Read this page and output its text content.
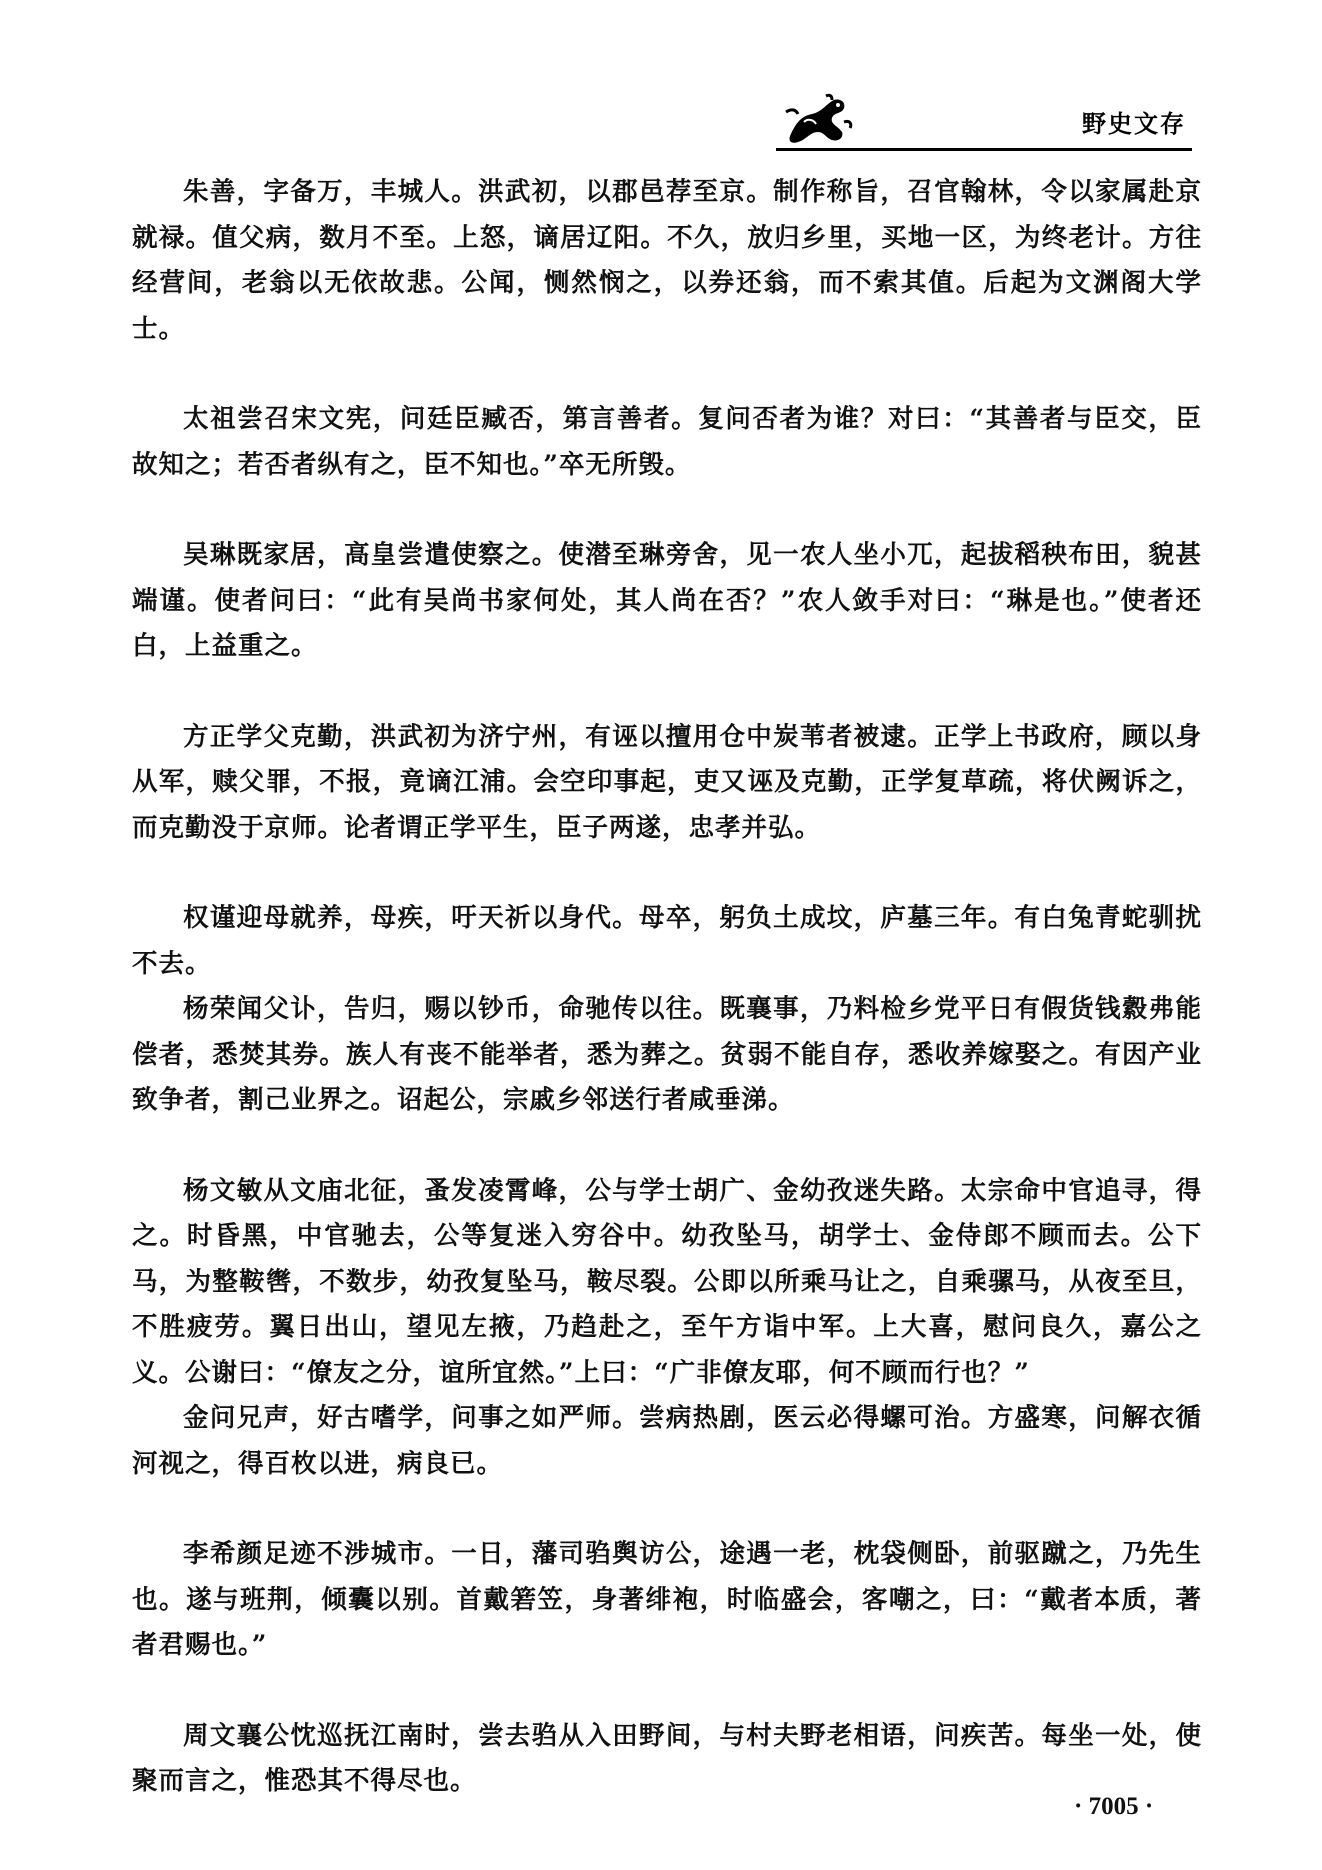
野史文存

朱善，字备万，丰城人。洪武初，以郡邑荐至京。制作称旨，召官翰林，令以家属赴京就禄。值父病，数月不至。上怒，谪居辽阳。不久，放归乡里，买地一区，为终老计。方往经营间，老翁以无依故悲。公闻，恻然悯之，以券还翁，而不索其值。后起为文渊阁大学士。

太祖尝召宋文宪，问廷臣臧否，第言善者。复问否者为谁？对曰：“其善者与臣交，臣故知之；若否者纵有之，臣不知也。”卒无所毁。

吴琳既家居，高皇尝遣使察之。使潜至琳旁舍，见一农人坐小兀，起拔稻秧布田，貌甚端谨。使者问曰：“此有吴尚书家何处，其人尚在否？”农人敛手对曰：“琳是也。”使者还白，上益重之。

方正学父克勤，洪武初为济宁州，有诬以擅用仓中炭苇者被逮。正学上书政府，顾以身从军，赎父罪，不报，竟谪江浦。会空印事起，吏又诬及克勤，正学复草疏，将伏阙诉之，而克勤没于京师。论者谓正学平生，臣子两遂，忠孝并弘。

权谨迎母就养，母疾，吁天祈以身代。母卒，躬负土成坟，庐墓三年。有白兔青蛇驯扰不去。

杨荣闻父讣，告归，赐以钞币，命驰传以往。既襄事，乃料检乡党平日有假货钱縠弗能偿者，悉焚其券。族人有丧不能举者，悉为葬之。贫弱不能自存，悉收养嫁娶之。有因产业致争者，割己业界之。诏起公，宗戚乡邻送行者咸垂涕。

杨文敏从文庙北征，蚤发凌霄峰，公与学士胡广、金幼孜迷失路。太宗命中官追寻，得之。时昏黑，中官驰去，公等复迷入穷谷中。幼孜坠马，胡学士、金侍郎不顾而去。公下马，为整鞍辔，不数步，幼孜复坠马，鞍尽裂。公即以所乘马让之，自乘骡马，从夜至旦，不胜疲劳。翼日出山，望见左掖，乃趋赴之，至午方诣中军。上大喜，慰问良久，嘉公之义。公谢曰：“僚友之分，谊所宜然。”上曰：“广非僚友耶，何不顾而行也？”

金问兄声，好古嗜学，问事之如严师。尝病热剧，医云必得螺可治。方盛寒，问解衣循河视之，得百枚以进，病良已。

李希颜足迹不涉城市。一日，藩司驺舆访公，途遇一老，枕袋侧卧，前驱蹴之，乃先生也。遂与班荆，倾囊以别。首戴箬笠，身著绯袍，时临盛会，客嘲之，曰：“戴者本质，著者君赐也。”

周文襄公忱巡抚江南时，尝去驺从入田野间，与村夫野老相语，问疾苦。每坐一处，使聚而言之，惟恐其不得尽也。

· 7005 ·
